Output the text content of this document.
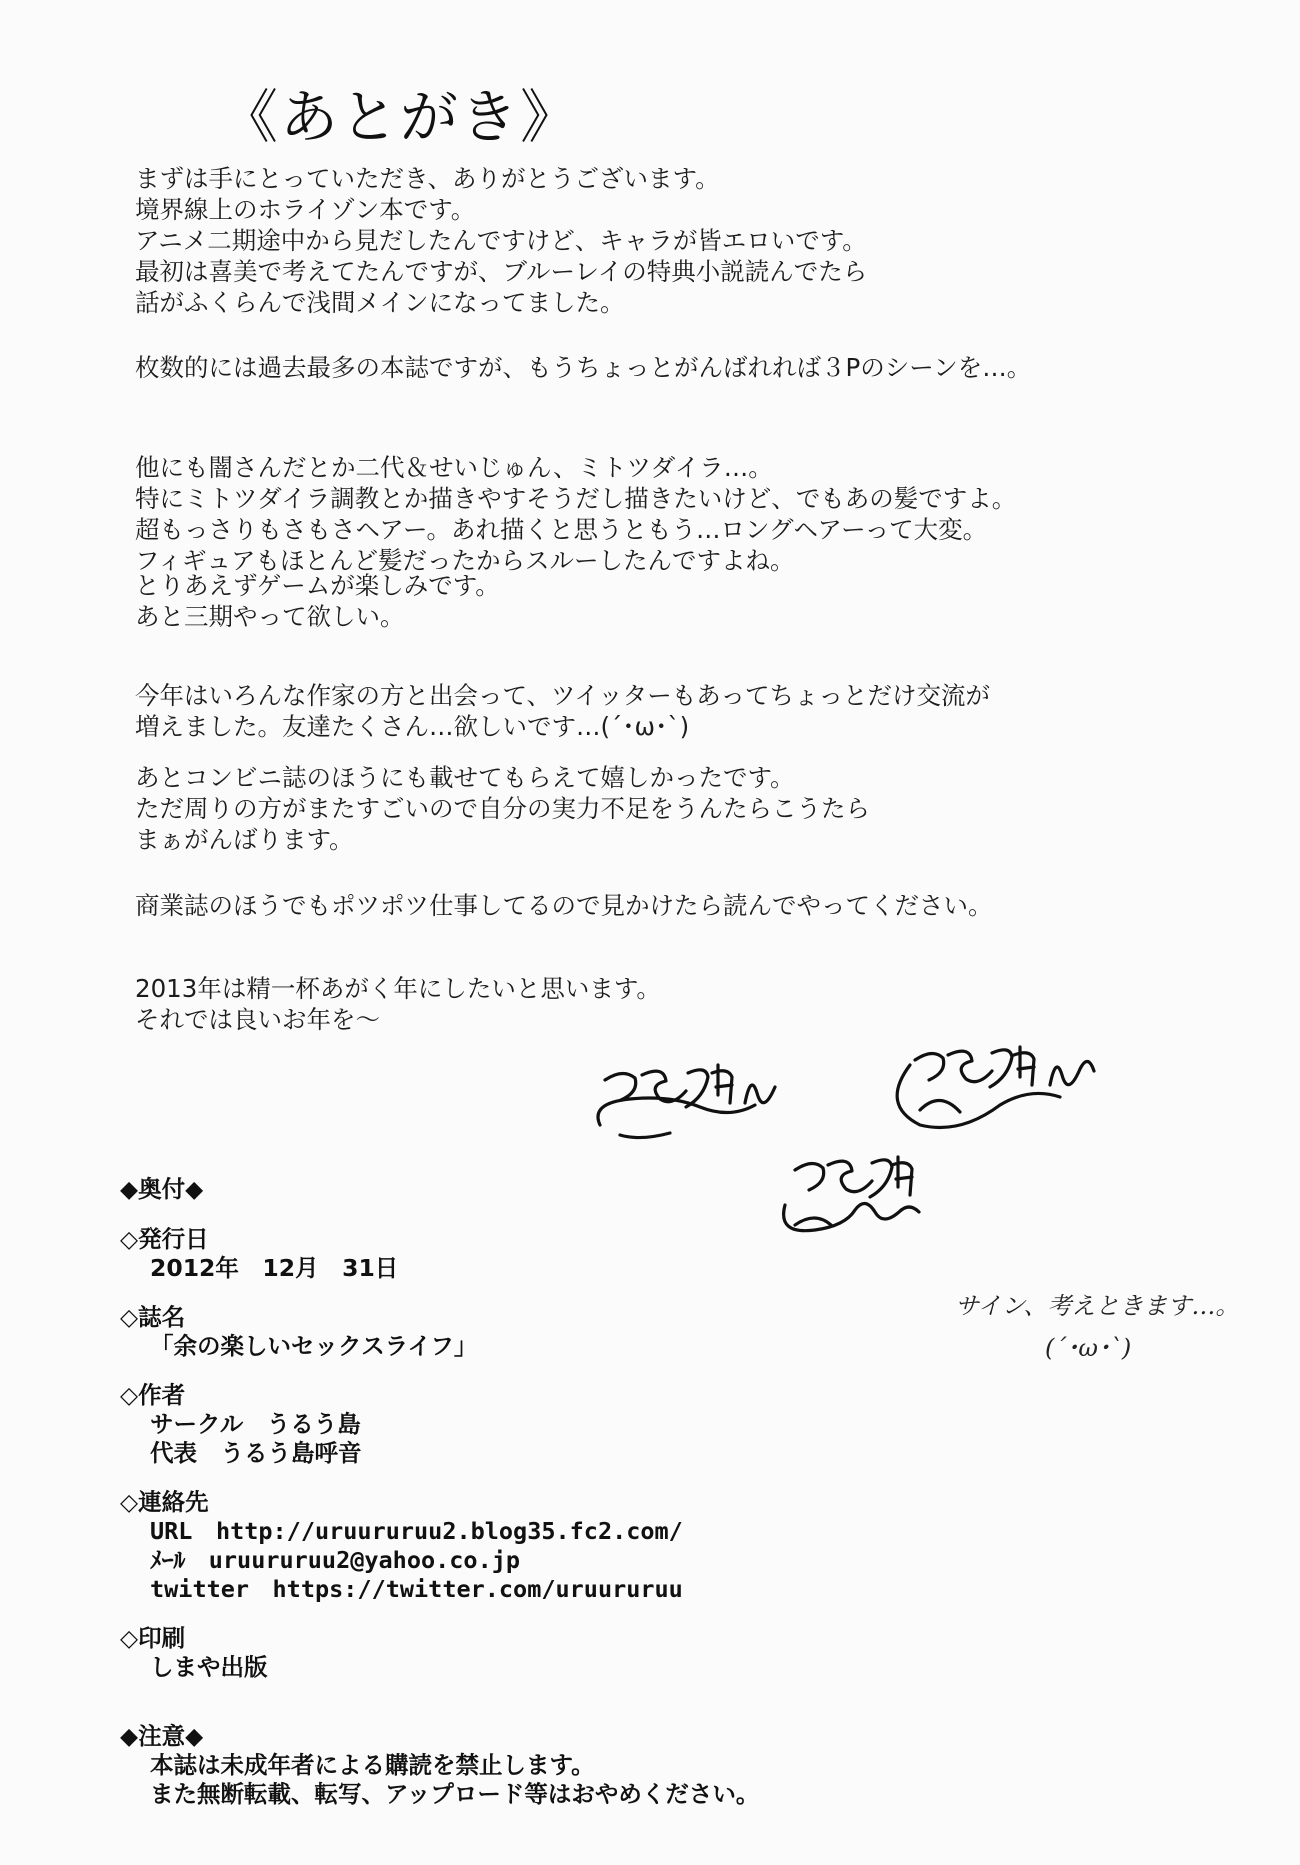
《あとがき》
まずは手にとっていただき、ありがとうございます。
境界線上のホライゾン本です。
アニメ二期途中から見だしたんですけど、キャラが皆エロいです。
最初は喜美で考えてたんですが、ブルーレイの特典小説読んでたら
話がふくらんで浅間メインになってました。
枚数的には過去最多の本誌ですが、もうちょっとがんばれれば３Pのシーンを…。
他にも闇さんだとか二代＆せいじゅん、ミトツダイラ…。
特にミトツダイラ調教とか描きやすそうだし描きたいけど、でもあの髪ですよ。
超もっさりもさもさヘアー。あれ描くと思うともう…ロングヘアーって大変。
フィギュアもほとんど髪だったからスルーしたんですよね。
とりあえずゲームが楽しみです。
あと三期やって欲しい。
今年はいろんな作家の方と出会って、ツイッターもあってちょっとだけ交流が
増えました。友達たくさん…欲しいです…(´･ω･`)
あとコンビニ誌のほうにも載せてもらえて嬉しかったです。
ただ周りの方がまたすごいので自分の実力不足をうんたらこうたら
まぁがんばります。
商業誌のほうでもポツポツ仕事してるので見かけたら読んでやってください。
2013年は精一杯あがく年にしたいと思います。
それでは良いお年を～
◆奥付◆
◇発行日
2012年　12月　31日
◇誌名
「余の楽しいセックスライフ」
◇作者
サークル　うるう島
代表　うるう島呼音
◇連絡先
URL　http://uruururuu2.blog35.fc2.com/
ﾒｰﾙ　uruururuu2@yahoo.co.jp
twitter　https://twitter.com/uruururuu
◇印刷
しまや出版
◆注意◆
本誌は未成年者による購読を禁止します。
また無断転載、転写、アップロード等はおやめください。
サイン、考えときます…。
(´･ω･`)
